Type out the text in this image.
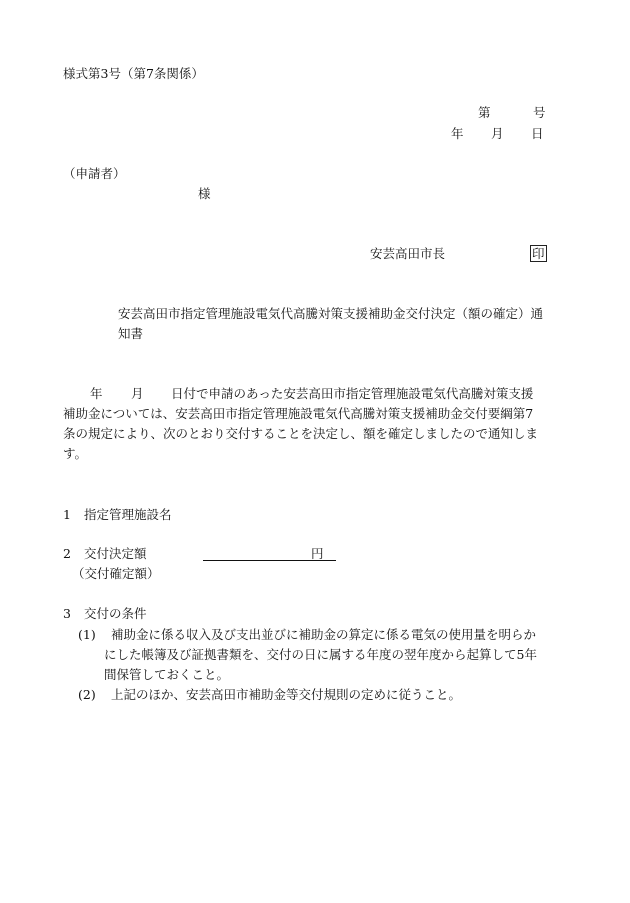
様式第3号（第7条関係）
第	号
年 月 日
（申請者）
様
安芸高田市長	印
安芸高田市指定管理施設電気代高騰対策支援補助金交付決定（額の確定）通
知書
年 月 日付で申請のあった安芸高田市指定管理施設電気代高騰対策支援
補助金については、安芸高田市指定管理施設電気代高騰対策支援補助金交付要綱第7
条の規定により、次のとおり交付することを決定し、額を確定しましたので通知しま
す。
1 指定管理施設名
2 交付決定額	円
（交付確定額）
3 交付の条件
(1) 補助金に係る収入及び支出並びに補助金の算定に係る電気の使用量を明らか
にした帳簿及び証拠書類を、交付の日に属する年度の翌年度から起算して5年
間保管しておくこと。
(2) 上記のほか、安芸高田市補助金等交付規則の定めに従うこと。
